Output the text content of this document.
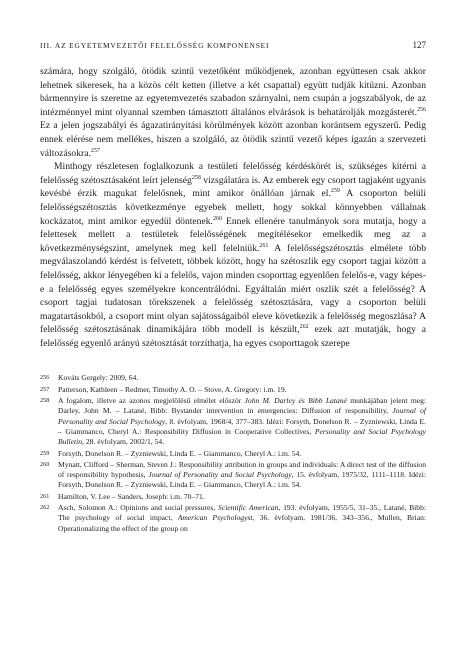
III. AZ EGYETEMVEZETŐI FELELŐSSÉG KOMPONENSEI	127

számára, hogy szolgáló, ötödik szintű vezetőként működjenek, azonban együttesen csak akkor lehetnek sikeresek, ha a közös célt ketten (illetve a két csapattal) együtt tudják kitűzni. Azonban bármennyire is szeretne az egyetemvezetés szabadon szárnyalni, nem csupán a jogszabályok, de az intézménnyel mint olyannal szemben támasztott általános elvárások is behatárolják mozgásterét.$^{256}$ Ez a jelen jogszabályi és ágazatirányítási körülmények között azonban korántsem egyszerű. Pedig ennek elérése nem mellékes, hiszen a szolgáló, az ötödik szintű vezető képes igazán a szervezeti változásokra.$^{257}$

Minthogy részletesen foglalkozunk a testületi felelősség kérdéskörét is, szükséges kitérni a felelősség szétosztásaként leírt jelenség$^{258}$ vizsgálatára is. Az emberek egy csoport tagjaként ugyanis kevésbé érzik magukat felelősnek, mint amikor önállóan járnak el.$^{259}$ A csoporton belüli felelősségszétosztás következménye egyebek mellett, hogy sokkal könnyebben vállalnak kockázatot, mint amikor egyedül döntenek.$^{260}$ Ennek ellenére tanulmányok sora mutatja, hogy a felettesek mellett a testületek felelősségének megítélésekor emelkedik meg az a következménységszint, amelynek meg kell felelniük.$^{261}$ A felelősségszétosztás elmélete több megválaszolandó kérdést is felvetett, többek között, hogy ha szétoszlik egy csoport tagjai között a felelősség, akkor lényegében ki a felelős, vajon minden csoporttag egyenlően felelős-e, vagy képes-e a felelősség egyes személyekre koncentrálódni. Egyáltalán miért oszlik szét a felelősség? A csoport tagjai tudatosan törekszenek a felelősség szétosztására, vagy a csoporton belüli magatartásokból, a csoport mint olyan sajátosságaiból eleve következik a felelősség megoszlása? A felelősség szétosztásának dinamikájára több modell is készült,$^{262}$ ezek azt mutatják, hogy a felelősség egyenlő arányú szétosztását torzíthatja, ha egyes csoporttagok szerepe

256	Kováts Gergely: 2009, 64.
257	Patterson, Kathleen – Redmer, Timothy A. O. – Stove, A. Gregory: i.m. 19.
258	A fogalom, illetve az azonos megjelölésű elmélet először John M. Darley és Bibb Latané munkájában jelent meg: Darley, John M. – Latané, Bibb: Bystander intervention in emergencies: Diffusion of responsibility, Journal of Personality and Social Psychology, 8. évfolyam, 1968/4, 377–383. Idézi: Forsyth, Donelson R. – Zyzniewski, Linda E. – Giammanco, Cheryl A.: Responsibility Diffusion in Cooperative Collectives, Personality and Social Psychology Bulletin, 28. évfolyam, 2002/1, 54.
259	Forsyth, Donelson R. – Zyzniewski, Linda E. – Giammanco, Cheryl A.: i.m. 54.
260	Mynatt, Clifford – Sherman, Steven J.: Responsibility attribution in groups and individuals: A direct test of the diffusion of responsibility hypothesis, Journal of Personality and Social Psychology, 15. évfolyam, 1975/32, 1111–1118. Idézi: Forsyth, Donelson R. – Zyzniewski, Linda E. – Giammanco, Cheryl A.: i.m. 54.
261	Hamilton, V. Lee – Sanders, Joseph: i.m. 70–71.
262	Asch, Solomon A.: Opinions and social pressures, Scientific American, 193. évfolyam, 1955/5, 31–35., Latané, Bibb: The psychology of social impact, American Psychologyst, 36. évfolyam, 1981/36, 343–356., Mullen, Brian: Operationalizing the effect of the group on
